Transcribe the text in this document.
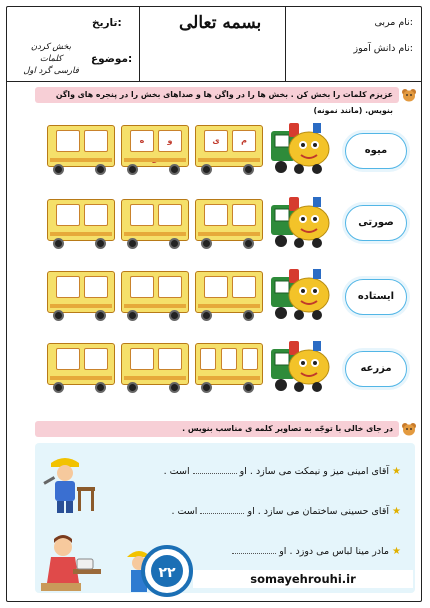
بسمه تعالی
تاریخ:	نام مربی:
نام دانش آموز:
موضوع:
بخش کردن کلمات
فارسی گرد اول
عزیزم کلمات را بخش کن . بخش ها را در واگن ها و صداهای بخش را در پنجره های واگن بنویس. (مانند نمونه)
ه	و	ی	م
میوه
صورتی
ایستاده
مزرعه
در جای خالی با توجّه به تصاویر کلمه ی مناسب بنویس .
★ آقای امینی میز و نیمکت می سازد . او  است .
★ آقای حسینی ساختمان می سازد . او  است .
★ مادر مینا لباس می دوزد . او
۲۲	somayehrouhi.ir
